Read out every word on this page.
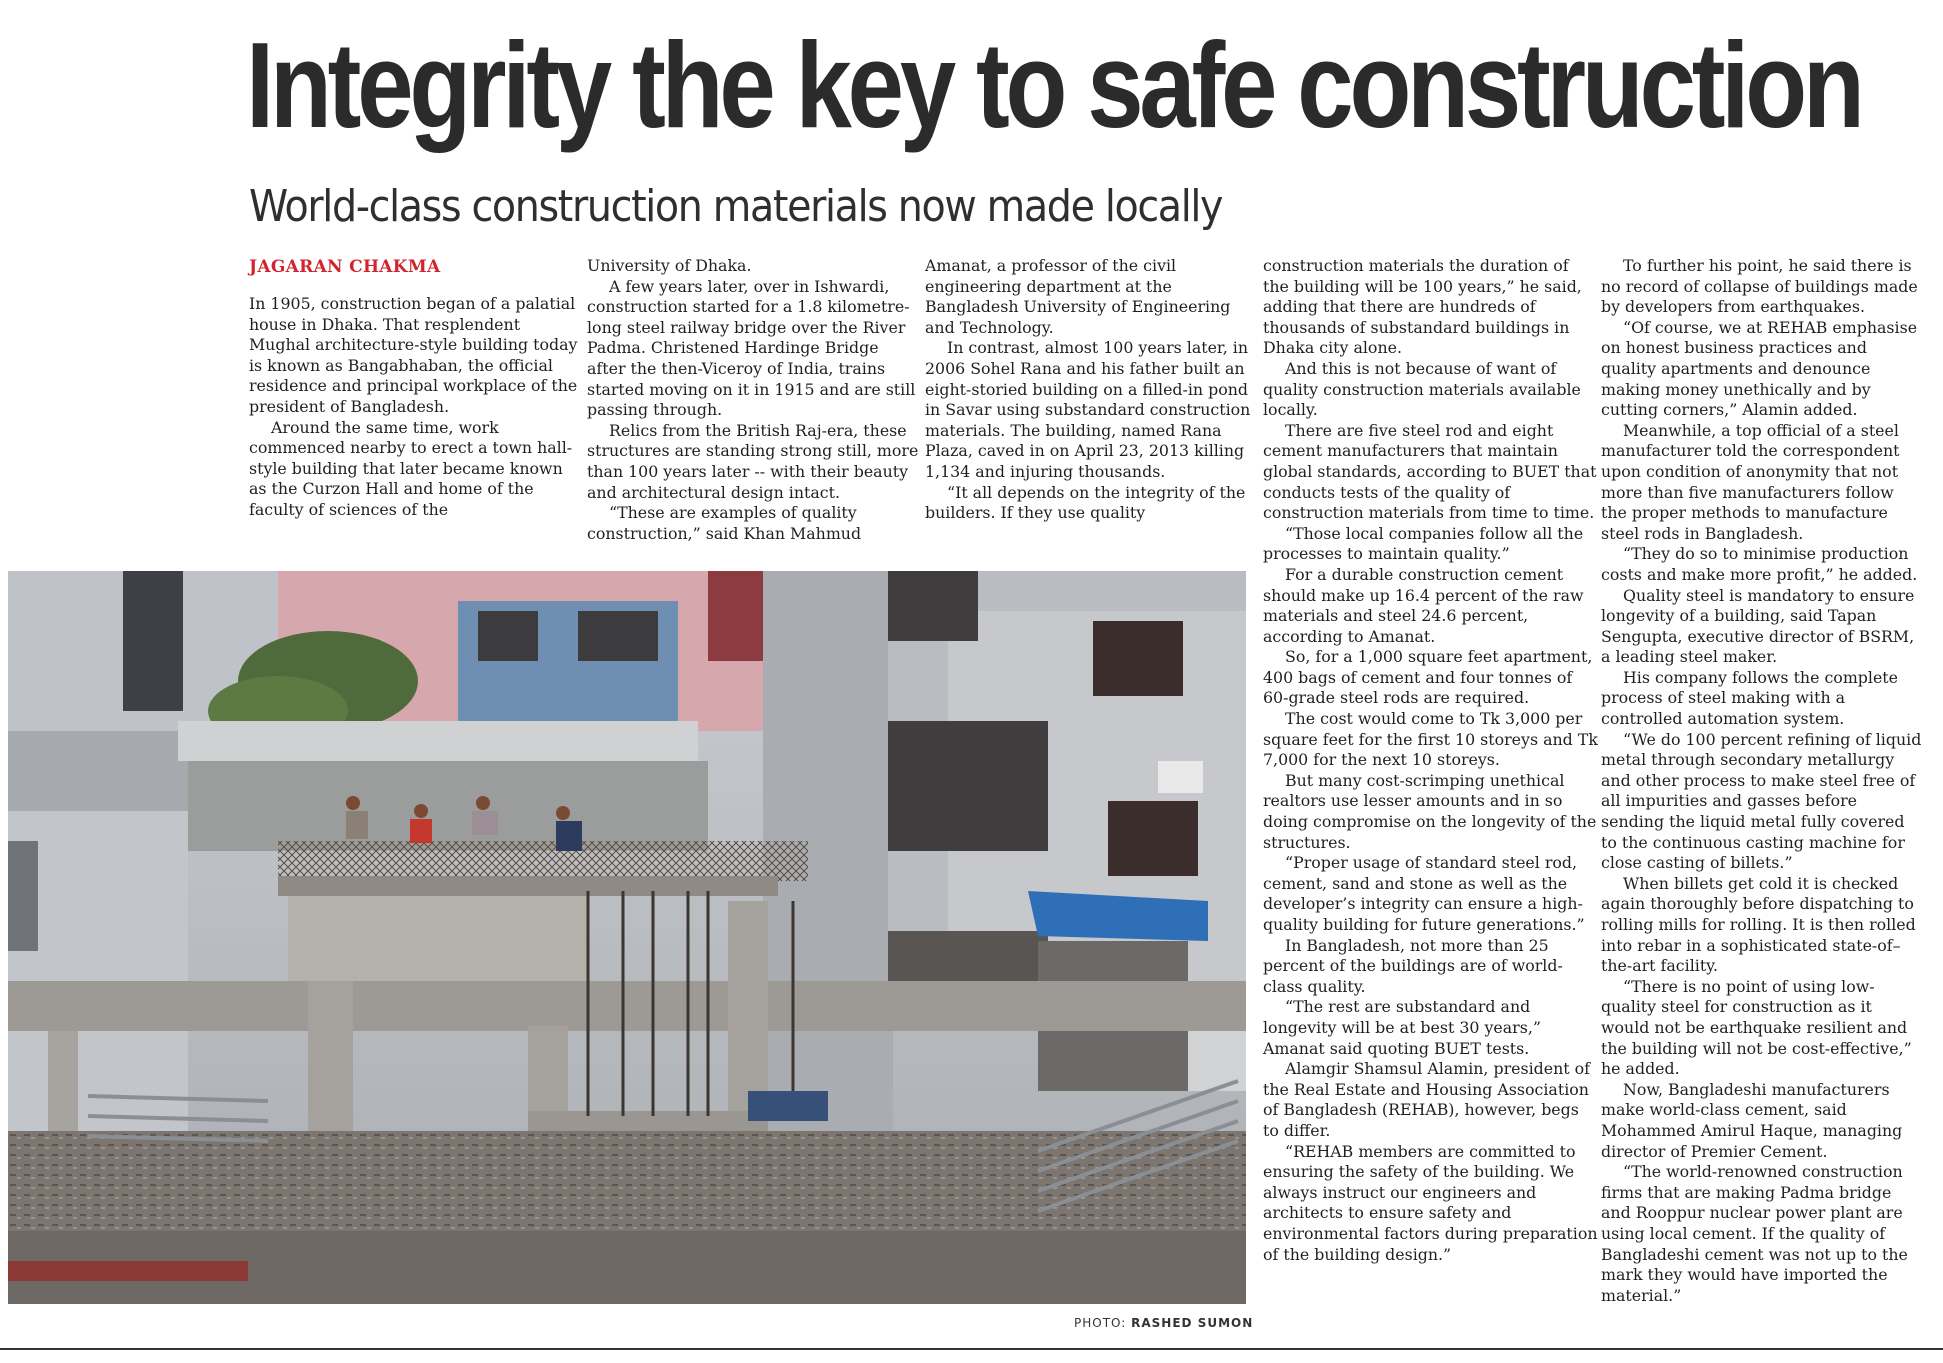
Integrity the key to safe construction
World-class construction materials now made locally
JAGARAN CHAKMA

In 1905, construction began of a palatial house in Dhaka. That resplendent Mughal architecture-style building today is known as Bangabhaban, the official residence and principal workplace of the president of Bangladesh.

Around the same time, work commenced nearby to erect a town hall-style building that later became known as the Curzon Hall and home of the faculty of sciences of the

University of Dhaka.

A few years later, over in Ishwardi, construction started for a 1.8 kilometre-long steel railway bridge over the River Padma. Christened Hardinge Bridge after the then-Viceroy of India, trains started moving on it in 1915 and are still passing through.

Relics from the British Raj-era, these structures are standing strong still, more than 100 years later -- with their beauty and architectural design intact.

“These are examples of quality construction,” said Khan Mahmud

Amanat, a professor of the civil engineering department at the Bangladesh University of Engineering and Technology.

In contrast, almost 100 years later, in 2006 Sohel Rana and his father built an eight-storied building on a filled-in pond in Savar using substandard construction materials. The building, named Rana Plaza, caved in on April 23, 2013 killing 1,134 and injuring thousands.

“It all depends on the integrity of the builders. If they use quality

construction materials the duration of the building will be 100 years,” he said, adding that there are hundreds of thousands of substandard buildings in Dhaka city alone.

And this is not because of want of quality construction materials available locally.

There are five steel rod and eight cement manufacturers that maintain global standards, according to BUET that conducts tests of the quality of construction materials from time to time.

“Those local companies follow all the processes to maintain quality.”

For a durable construction cement should make up 16.4 percent of the raw materials and steel 24.6 percent, according to Amanat.

So, for a 1,000 square feet apartment, 400 bags of cement and four tonnes of 60-grade steel rods are required.

The cost would come to Tk 3,000 per square feet for the first 10 storeys and Tk 7,000 for the next 10 storeys.

But many cost-scrimping unethical realtors use lesser amounts and in so doing compromise on the longevity of the structures.

“Proper usage of standard steel rod, cement, sand and stone as well as the developer’s integrity can ensure a high-quality building for future generations.”

In Bangladesh, not more than 25 percent of the buildings are of world-class quality.

“The rest are substandard and longevity will be at best 30 years,” Amanat said quoting BUET tests.

Alamgir Shamsul Alamin, president of the Real Estate and Housing Association of Bangladesh (REHAB), however, begs to differ.

“REHAB members are committed to ensuring the safety of the building. We always instruct our engineers and architects to ensure safety and environmental factors during preparation of the building design.”

To further his point, he said there is no record of collapse of buildings made by developers from earthquakes.

“Of course, we at REHAB emphasise on honest business practices and quality apartments and denounce making money unethically and by cutting corners,” Alamin added.

Meanwhile, a top official of a steel manufacturer told the correspondent upon condition of anonymity that not more than five manufacturers follow the proper methods to manufacture steel rods in Bangladesh.

“They do so to minimise production costs and make more profit,” he added.

Quality steel is mandatory to ensure longevity of a building, said Tapan Sengupta, executive director of BSRM, a leading steel maker.

His company follows the complete process of steel making with a controlled automation system.

“We do 100 percent refining of liquid metal through secondary metallurgy and other process to make steel free of all impurities and gasses before sending the liquid metal fully covered to the continuous casting machine for close casting of billets.”

When billets get cold it is checked again thoroughly before dispatching to rolling mills for rolling. It is then rolled into rebar in a sophisticated state-of–the-art facility.

“There is no point of using low-quality steel for construction as it would not be earthquake resilient and the building will not be cost-effective,” he added.

Now, Bangladeshi manufacturers make world-class cement, said Mohammed Amirul Haque, managing director of Premier Cement.

“The world-renowned construction firms that are making Padma bridge and Rooppur nuclear power plant are using local cement. If the quality of Bangladeshi cement was not up to the mark they would have imported the material.”

PHOTO: RASHED SUMON
